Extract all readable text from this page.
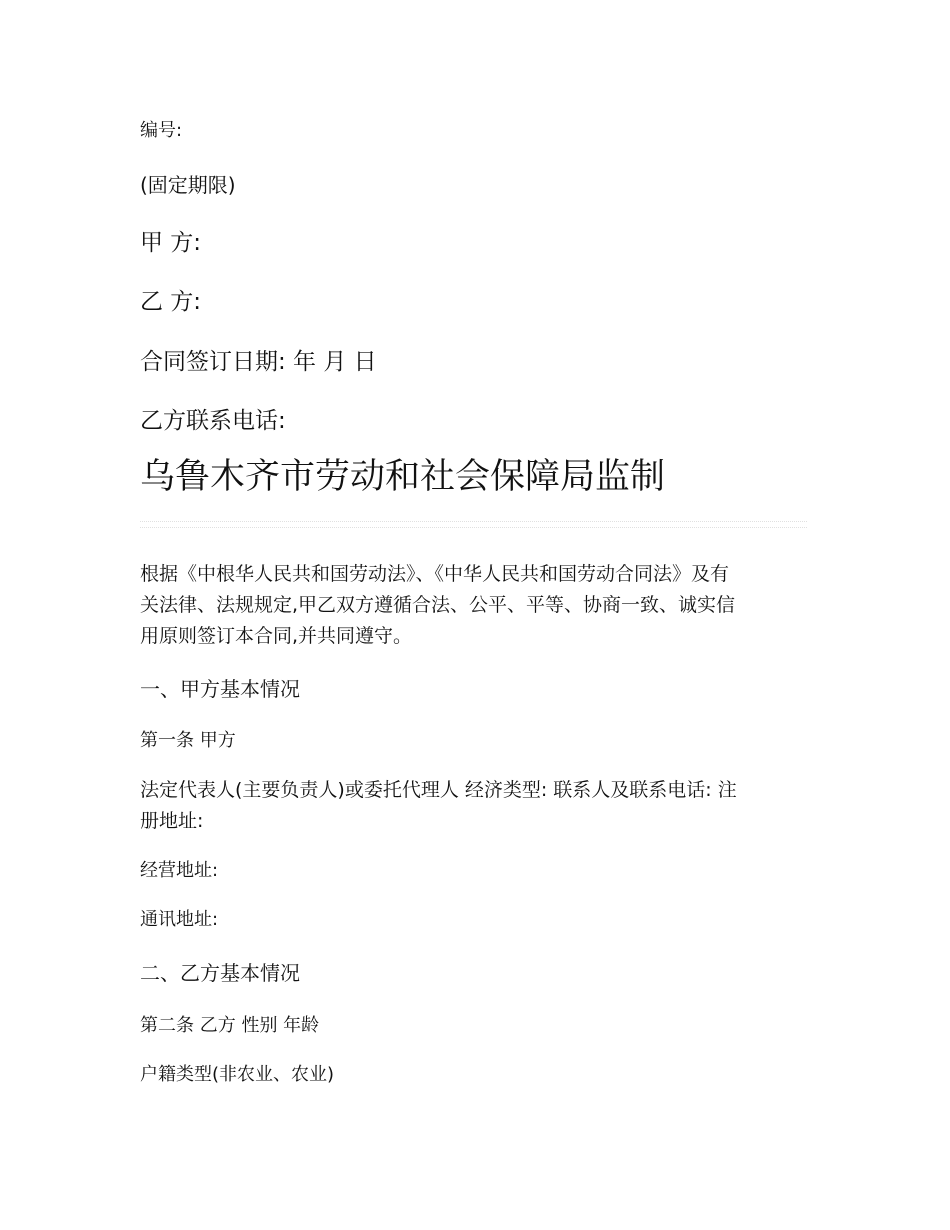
编号:
(固定期限)
甲 方:
乙 方:
合同签订日期: 年 月 日
乙方联系电话:
乌鲁木齐市劳动和社会保障局监制
根据《中根华人民共和国劳动法》、《中华人民共和国劳动合同法》及有
关法律、法规规定,甲乙双方遵循合法、公平、平等、协商一致、诚实信
用原则签订本合同,并共同遵守。
一、甲方基本情况
第一条 甲方
法定代表人(主要负责人)或委托代理人 经济类型: 联系人及联系电话: 注
册地址:
经营地址:
通讯地址:
二、乙方基本情况
第二条 乙方 性别 年龄
户籍类型(非农业、农业)
